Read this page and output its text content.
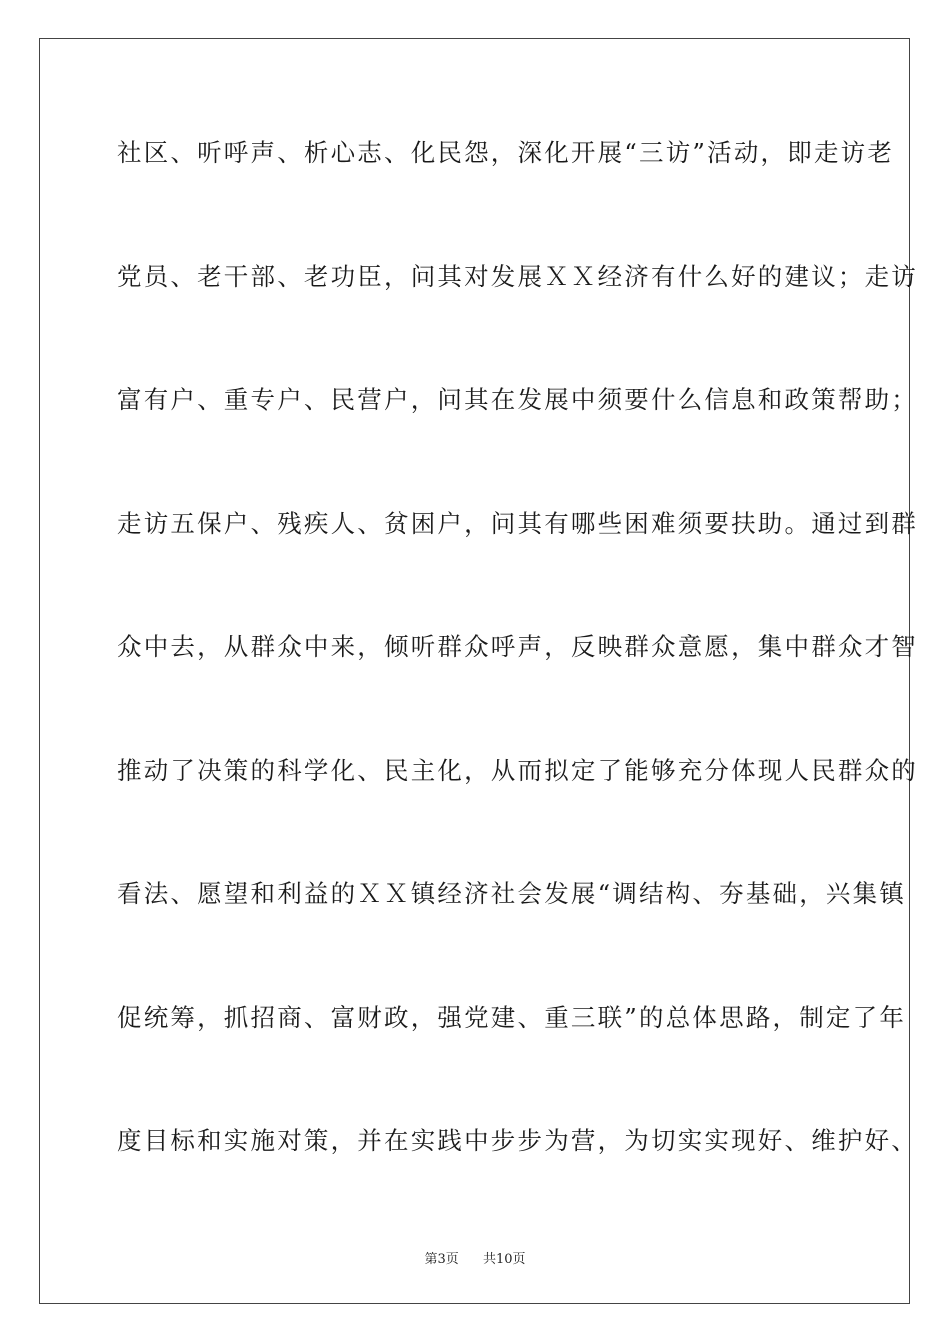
社区、听呼声、析心志、化民怨，深化开展“三访”活动，即走访老
党员、老干部、老功臣，问其对发展ＸＸ经济有什么好的建议；走访
富有户、重专户、民营户，问其在发展中须要什么信息和政策帮助；
走访五保户、残疾人、贫困户，问其有哪些困难须要扶助。通过到群
众中去，从群众中来，倾听群众呼声，反映群众意愿，集中群众才智
推动了决策的科学化、民主化，从而拟定了能够充分体现人民群众的
看法、愿望和利益的ＸＸ镇经济社会发展“调结构、夯基础，兴集镇
促统筹，抓招商、富财政，强党建、重三联”的总体思路，制定了年
度目标和实施对策，并在实践中步步为营，为切实实现好、维护好、
第3页 共10页
